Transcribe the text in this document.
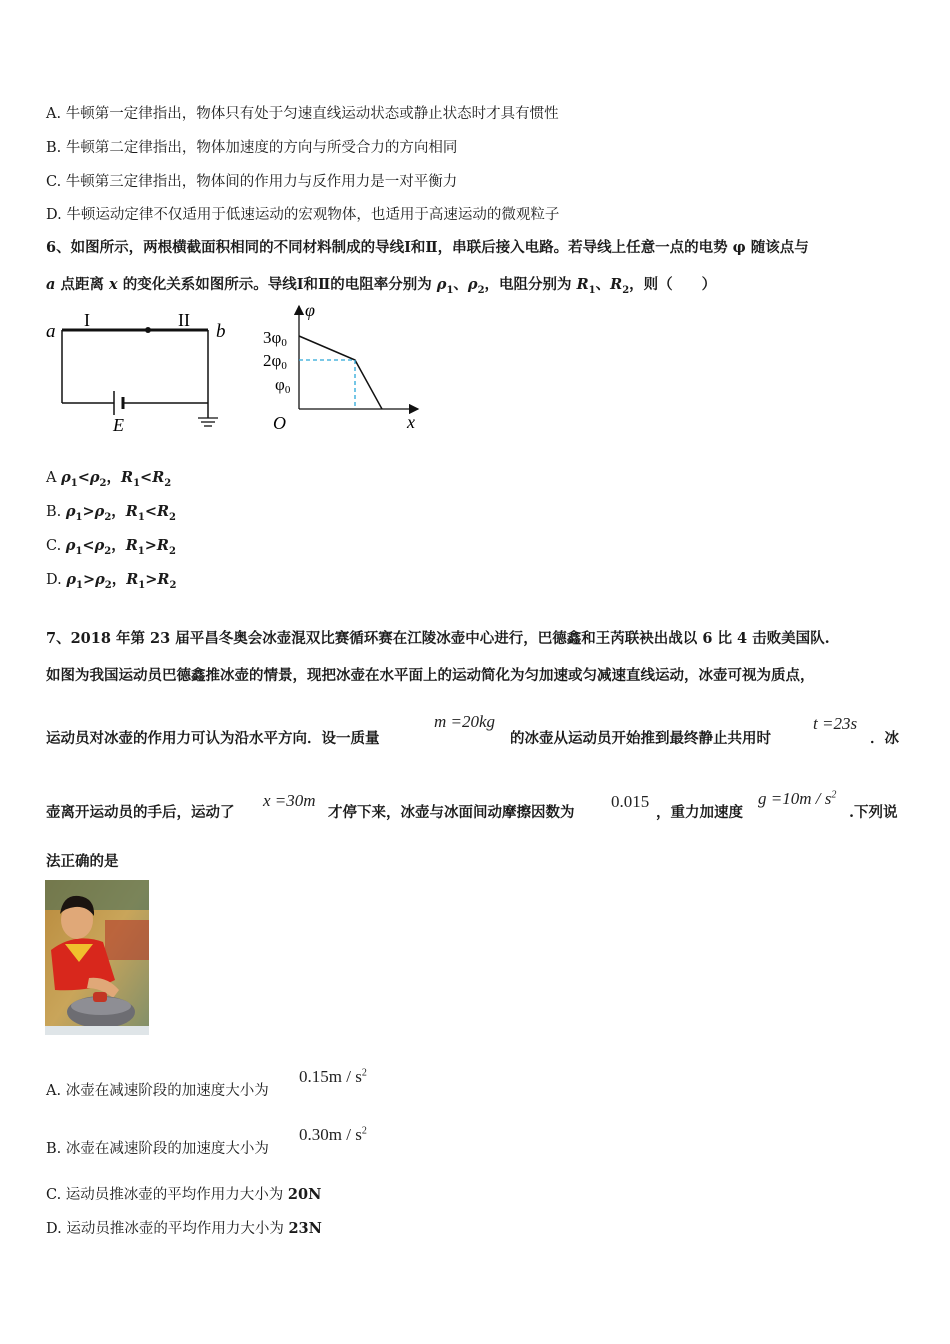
A. 牛顿第一定律指出，物体只有处于匀速直线运动状态或静止状态时才具有惯性
B. 牛顿第二定律指出，物体加速度的方向与所受合力的方向相同
C. 牛顿第三定律指出，物体间的作用力与反作用力是一对平衡力
D. 牛顿运动定律不仅适用于低速运动的宏观物体，也适用于高速运动的微观粒子
6、如图所示，两根横截面积相同的不同材料制成的导线Ⅰ和Ⅱ，串联后接入电路。若导线上任意一点的电势 φ 随该点与
a 点距离 x 的变化关系如图所示。导线Ⅰ和Ⅱ的电阻率分别为 $\rho_1$、$\rho_2$，电阻分别为 $R_1$、$R_2$，则（　　）
a	b
I	II
E
φ
x
O
3φ0
2φ0
φ0
A $\rho_1<\rho_2$，$R_1<R_2$
B. $\rho_1>\rho_2$，$R_1<R_2$
C. $\rho_1<\rho_2$，$R_1>R_2$
D. $\rho_1>\rho_2$，$R_1>R_2$
7、2018 年第 23 届平昌冬奥会冰壶混双比赛循环赛在江陵冰壶中心进行，巴德鑫和王芮联袂出战以 6 比 4 击败美国队.
如图为我国运动员巴德鑫推冰壶的情景，现把冰壶在水平面上的运动简化为匀加速或匀减速直线运动，冰壶可视为质点，
运动员对冰壶的作用力可认为沿水平方向．设一质量
m =20kg
的冰壶从运动员开始推到最终静止共用时
t =23s
．冰
壶离开运动员的手后，运动了
x =30m
才停下来，冰壶与冰面间动摩擦因数为
0.015
，重力加速度
$g =10m / s^2$
.下列说
法正确的是
A. 冰壶在减速阶段的加速度大小为
$0.15m / s^2$
B. 冰壶在减速阶段的加速度大小为
$0.30m / s^2$
C. 运动员推冰壶的平均作用力大小为 20N
D. 运动员推冰壶的平均作用力大小为 23N
